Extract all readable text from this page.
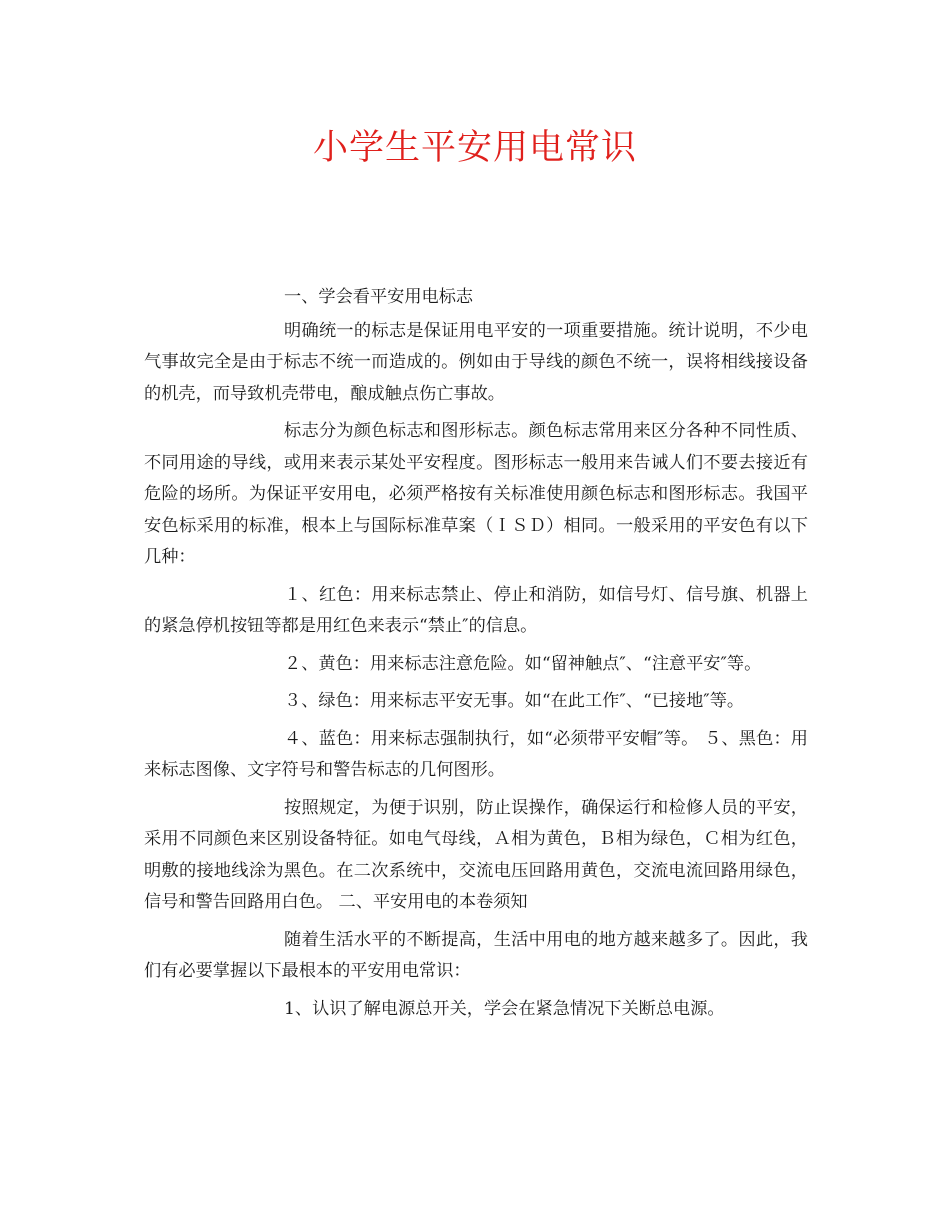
小学生平安用电常识

一、学会看平安用电标志

明确统一的标志是保证用电平安的一项重要措施。统计说明，不少电气事故完全是由于标志不统一而造成的。例如由于导线的颜色不统一，误将相线接设备的机壳，而导致机壳带电，酿成触点伤亡事故。

标志分为颜色标志和图形标志。颜色标志常用来区分各种不同性质、不同用途的导线，或用来表示某处平安程度。图形标志一般用来告诫人们不要去接近有危险的场所。为保证平安用电，必须严格按有关标准使用颜色标志和图形标志。我国平安色标采用的标准，根本上与国际标准草案（ＩＳＤ）相同。一般采用的平安色有以下几种：

１、红色：用来标志禁止、停止和消防，如信号灯、信号旗、机器上的紧急停机按钮等都是用红色来表示“禁止″的信息。

２、黄色：用来标志注意危险。如“留神触点″、“注意平安″等。

３、绿色：用来标志平安无事。如“在此工作″、“已接地″等。

４、蓝色：用来标志强制执行，如“必须带平安帽″等。 ５、黑色：用来标志图像、文字符号和警告标志的几何图形。

按照规定，为便于识别，防止误操作，确保运行和检修人员的平安，采用不同颜色来区别设备特征。如电气母线，Ａ相为黄色，Ｂ相为绿色，Ｃ相为红色，明敷的接地线涂为黑色。在二次系统中，交流电压回路用黄色，交流电流回路用绿色，信号和警告回路用白色。 二、平安用电的本卷须知

随着生活水平的不断提高，生活中用电的地方越来越多了。因此，我们有必要掌握以下最根本的平安用电常识：

1、认识了解电源总开关，学会在紧急情况下关断总电源。
